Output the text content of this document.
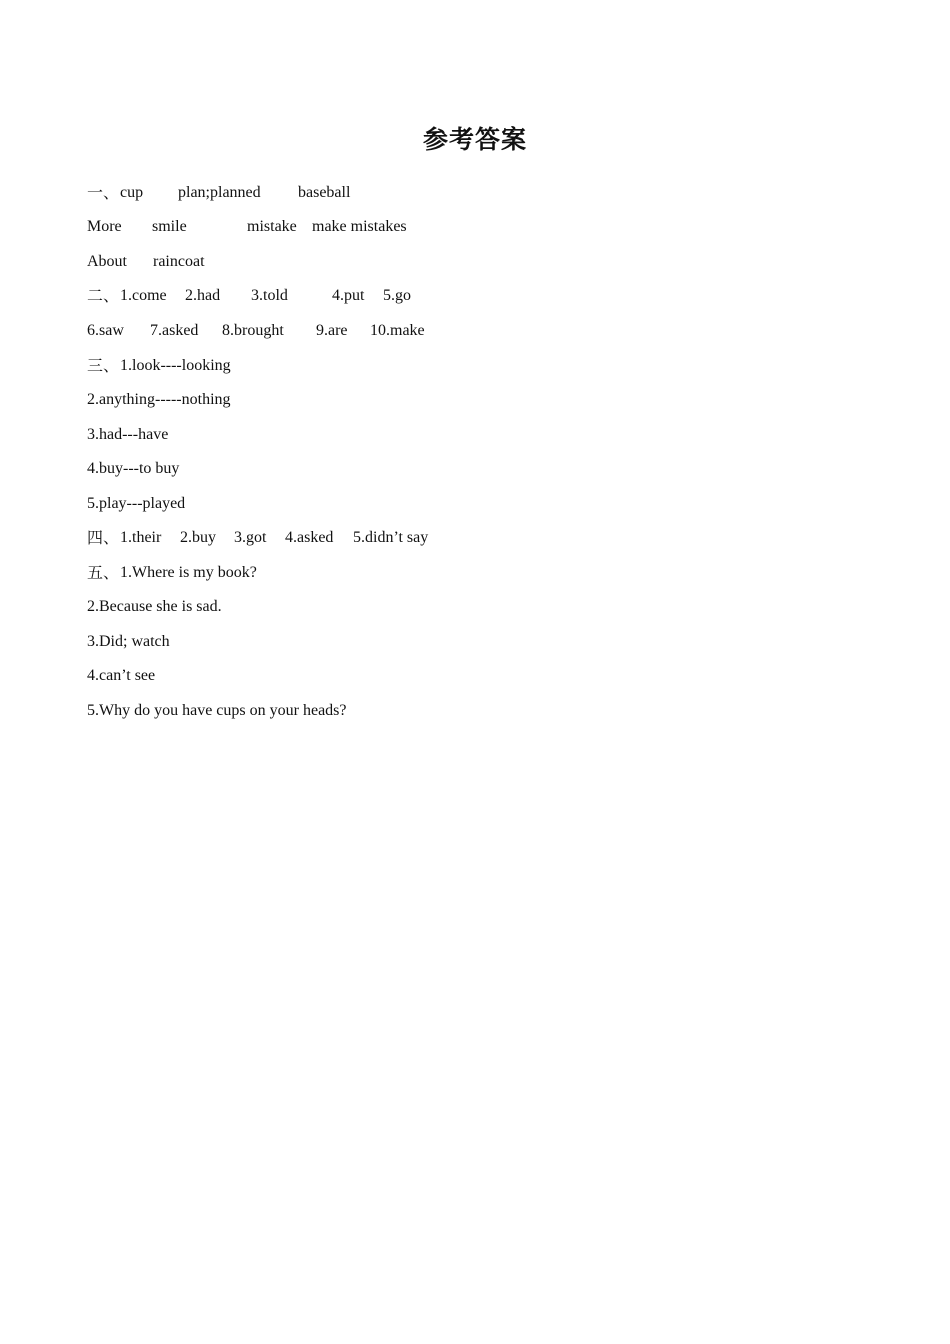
参考答案
一、 cup plan;planned baseball
More smile	mistake make mistakes
About raincoat
二、 1.come 2.had 3.told	4.put 5.go
6.saw 7.asked 8.brought 9.are 10.make
三、 1.look----looking
2.anything-----nothing
3.had---have
4.buy---to buy
5.play---played
四、 1.their 2.buy 3.got 4.asked 5.didn’t say
五、 1.Where is my book?
2.Because she is sad.
3.Did; watch
4.can’t see
5.Why do you have cups on your heads?
